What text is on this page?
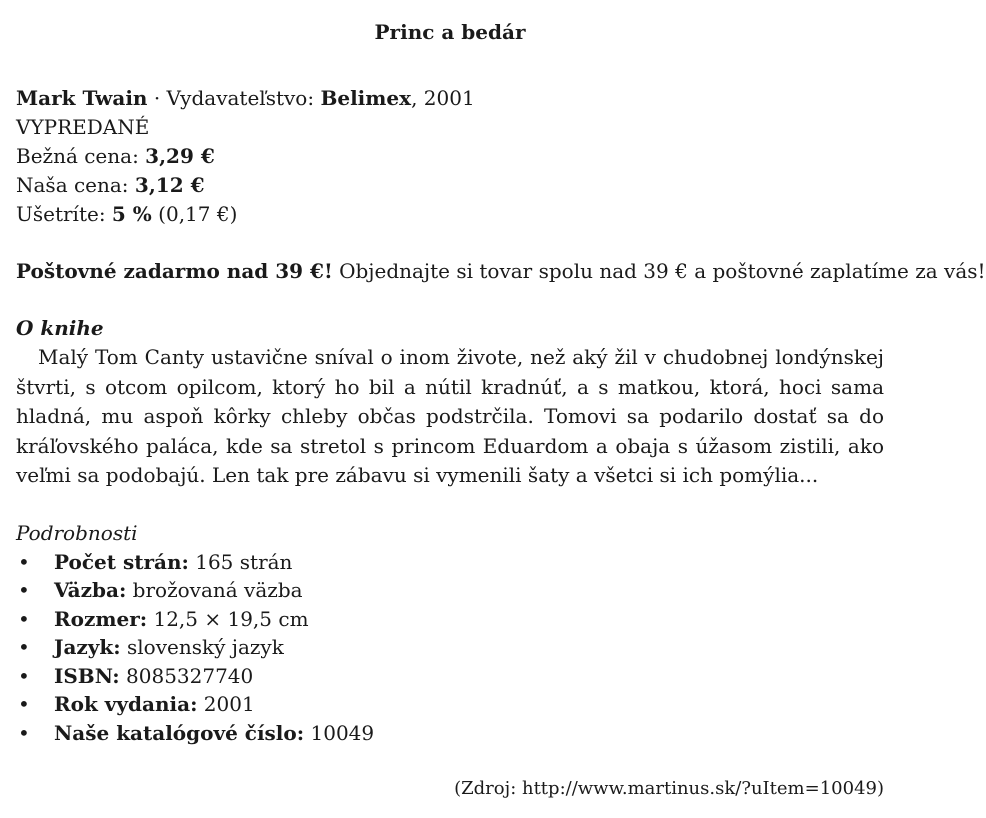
Princ a bedár
Mark Twain · Vydavateľstvo: Belimex, 2001
VYPREDANÉ
Bežná cena: 3,29 €
Naša cena: 3,12 €
Ušetríte: 5 % (0,17 €)
Poštovné zadarmo nad 39 €! Objednajte si tovar spolu nad 39 € a poštovné zaplatíme za vás!
O knihe

Malý Tom Canty ustavične sníval o inom živote, než aký žil v chudobnej londýnskej štvrti, s otcom opilcom, ktorý ho bil a nútil kradnúť, a s matkou, ktorá, hoci sama hladná, mu aspoň kôrky chleby občas podstrčila. Tomovi sa podarilo dostať sa do kráľovského paláca, kde sa stretol s princom Eduardom a obaja s úžasom zistili, ako veľmi sa podobajú. Len tak pre zábavu si vymenili šaty a všetci si ich pomýlia...

Podrobnosti
• Počet strán: 165 strán
• Väzba: brožovaná väzba
• Rozmer: 12,5 × 19,5 cm
• Jazyk: slovenský jazyk
• ISBN: 8085327740
• Rok vydania: 2001
• Naše katalógové číslo: 10049
(Zdroj: http://www.martinus.sk/?uItem=10049)
